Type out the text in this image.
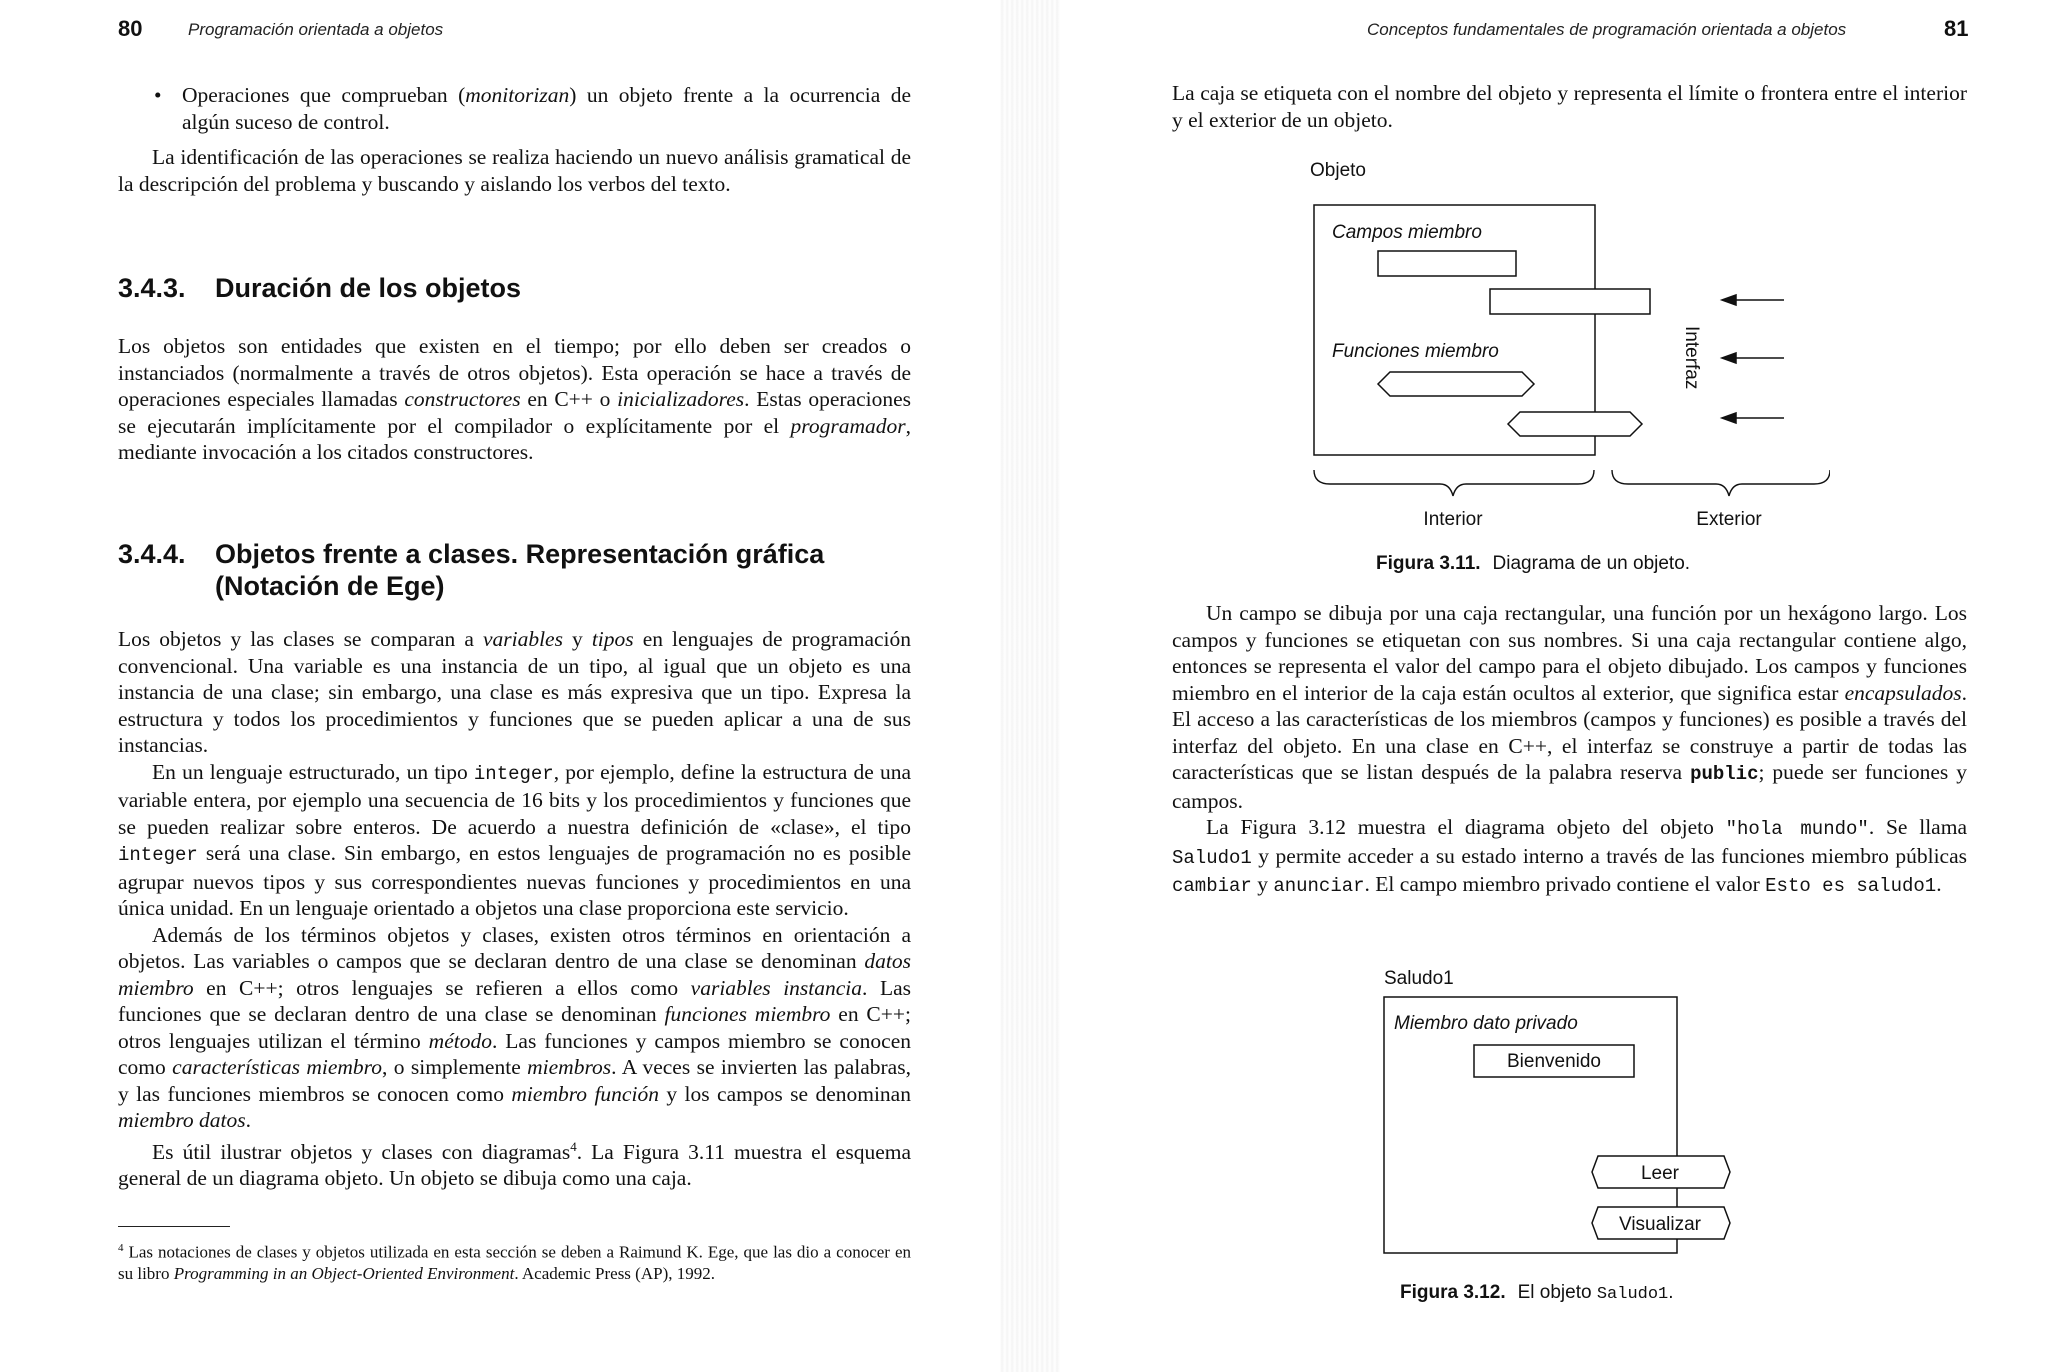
80	Programación orientada a objetos
• Operaciones que comprueban (monitorizan) un objeto frente a la ocurrencia de algún suceso de control.
La identificación de las operaciones se realiza haciendo un nuevo análisis gramatical de la descripción del problema y buscando y aislando los verbos del texto.
3.4.3. Duración de los objetos
Los objetos son entidades que existen en el tiempo; por ello deben ser creados o instanciados (normalmente a través de otros objetos). Esta operación se hace a través de operaciones especiales llamadas constructores en C++ o inicializadores. Estas operaciones se ejecutarán implícitamente por el compilador o explícitamente por el programador, mediante invocación a los citados constructores.
3.4.4. Objetos frente a clases. Representación gráfica
(Notación de Ege)

Los objetos y las clases se comparan a variables y tipos en lenguajes de programación convencional. Una variable es una instancia de un tipo, al igual que un objeto es una instancia de una clase; sin embargo, una clase es más expresiva que un tipo. Expresa la estructura y todos los procedimientos y funciones que se pueden aplicar a una de sus instancias.

En un lenguaje estructurado, un tipo integer, por ejemplo, define la estructura de una variable entera, por ejemplo una secuencia de 16 bits y los procedimientos y funciones que se pueden realizar sobre enteros. De acuerdo a nuestra definición de «clase», el tipo integer será una clase. Sin embargo, en estos lenguajes de programación no es posible agrupar nuevos tipos y sus correspondientes nuevas funciones y procedimientos en una única unidad. En un lenguaje orientado a objetos una clase proporciona este servicio.

Además de los términos objetos y clases, existen otros términos en orientación a objetos. Las variables o campos que se declaran dentro de una clase se denominan datos miembro en C++; otros lenguajes se refieren a ellos como variables instancia. Las funciones que se declaran dentro de una clase se denominan funciones miembro en C++; otros lenguajes utilizan el término método. Las funciones y campos miembro se conocen como características miembro, o simplemente miembros. A veces se invierten las palabras, y las funciones miembros se conocen como miembro función y los campos se denominan miembro datos.

Es útil ilustrar objetos y clases con diagramas$^4$. La Figura 3.11 muestra el esquema general de un diagrama objeto. Un objeto se dibuja como una caja.

$^4$ Las notaciones de clases y objetos utilizada en esta sección se deben a Raimund K. Ege, que las dio a conocer en su libro Programming in an Object-Oriented Environment. Academic Press (AP), 1992.
Conceptos fundamentales de programación orientada a objetos	81
La caja se etiqueta con el nombre del objeto y representa el límite o frontera entre el interior y el exterior de un objeto.
Objeto
Campos miembro
Funciones miembro	Interfaz
Interior	Exterior
Figura 3.11. Diagrama de un objeto.

Un campo se dibuja por una caja rectangular, una función por un hexágono largo. Los campos y funciones se etiquetan con sus nombres. Si una caja rectangular contiene algo, entonces se representa el valor del campo para el objeto dibujado. Los campos y funciones miembro en el interior de la caja están ocultos al exterior, que significa estar encapsulados. El acceso a las características de los miembros (campos y funciones) es posible a través del interfaz del objeto. En una clase en C++, el interfaz se construye a partir de todas las características que se listan después de la palabra reserva public; puede ser funciones y campos.

La Figura 3.12 muestra el diagrama objeto del objeto "hola mundo". Se llama Saludo1 y permite acceder a su estado interno a través de las funciones miembro públicas cambiar y anunciar. El campo miembro privado contiene el valor Esto es saludo1.

Saludo1
Miembro dato privado
Bienvenido
Leer
Visualizar
Figura 3.12. El objeto Saludo1.
